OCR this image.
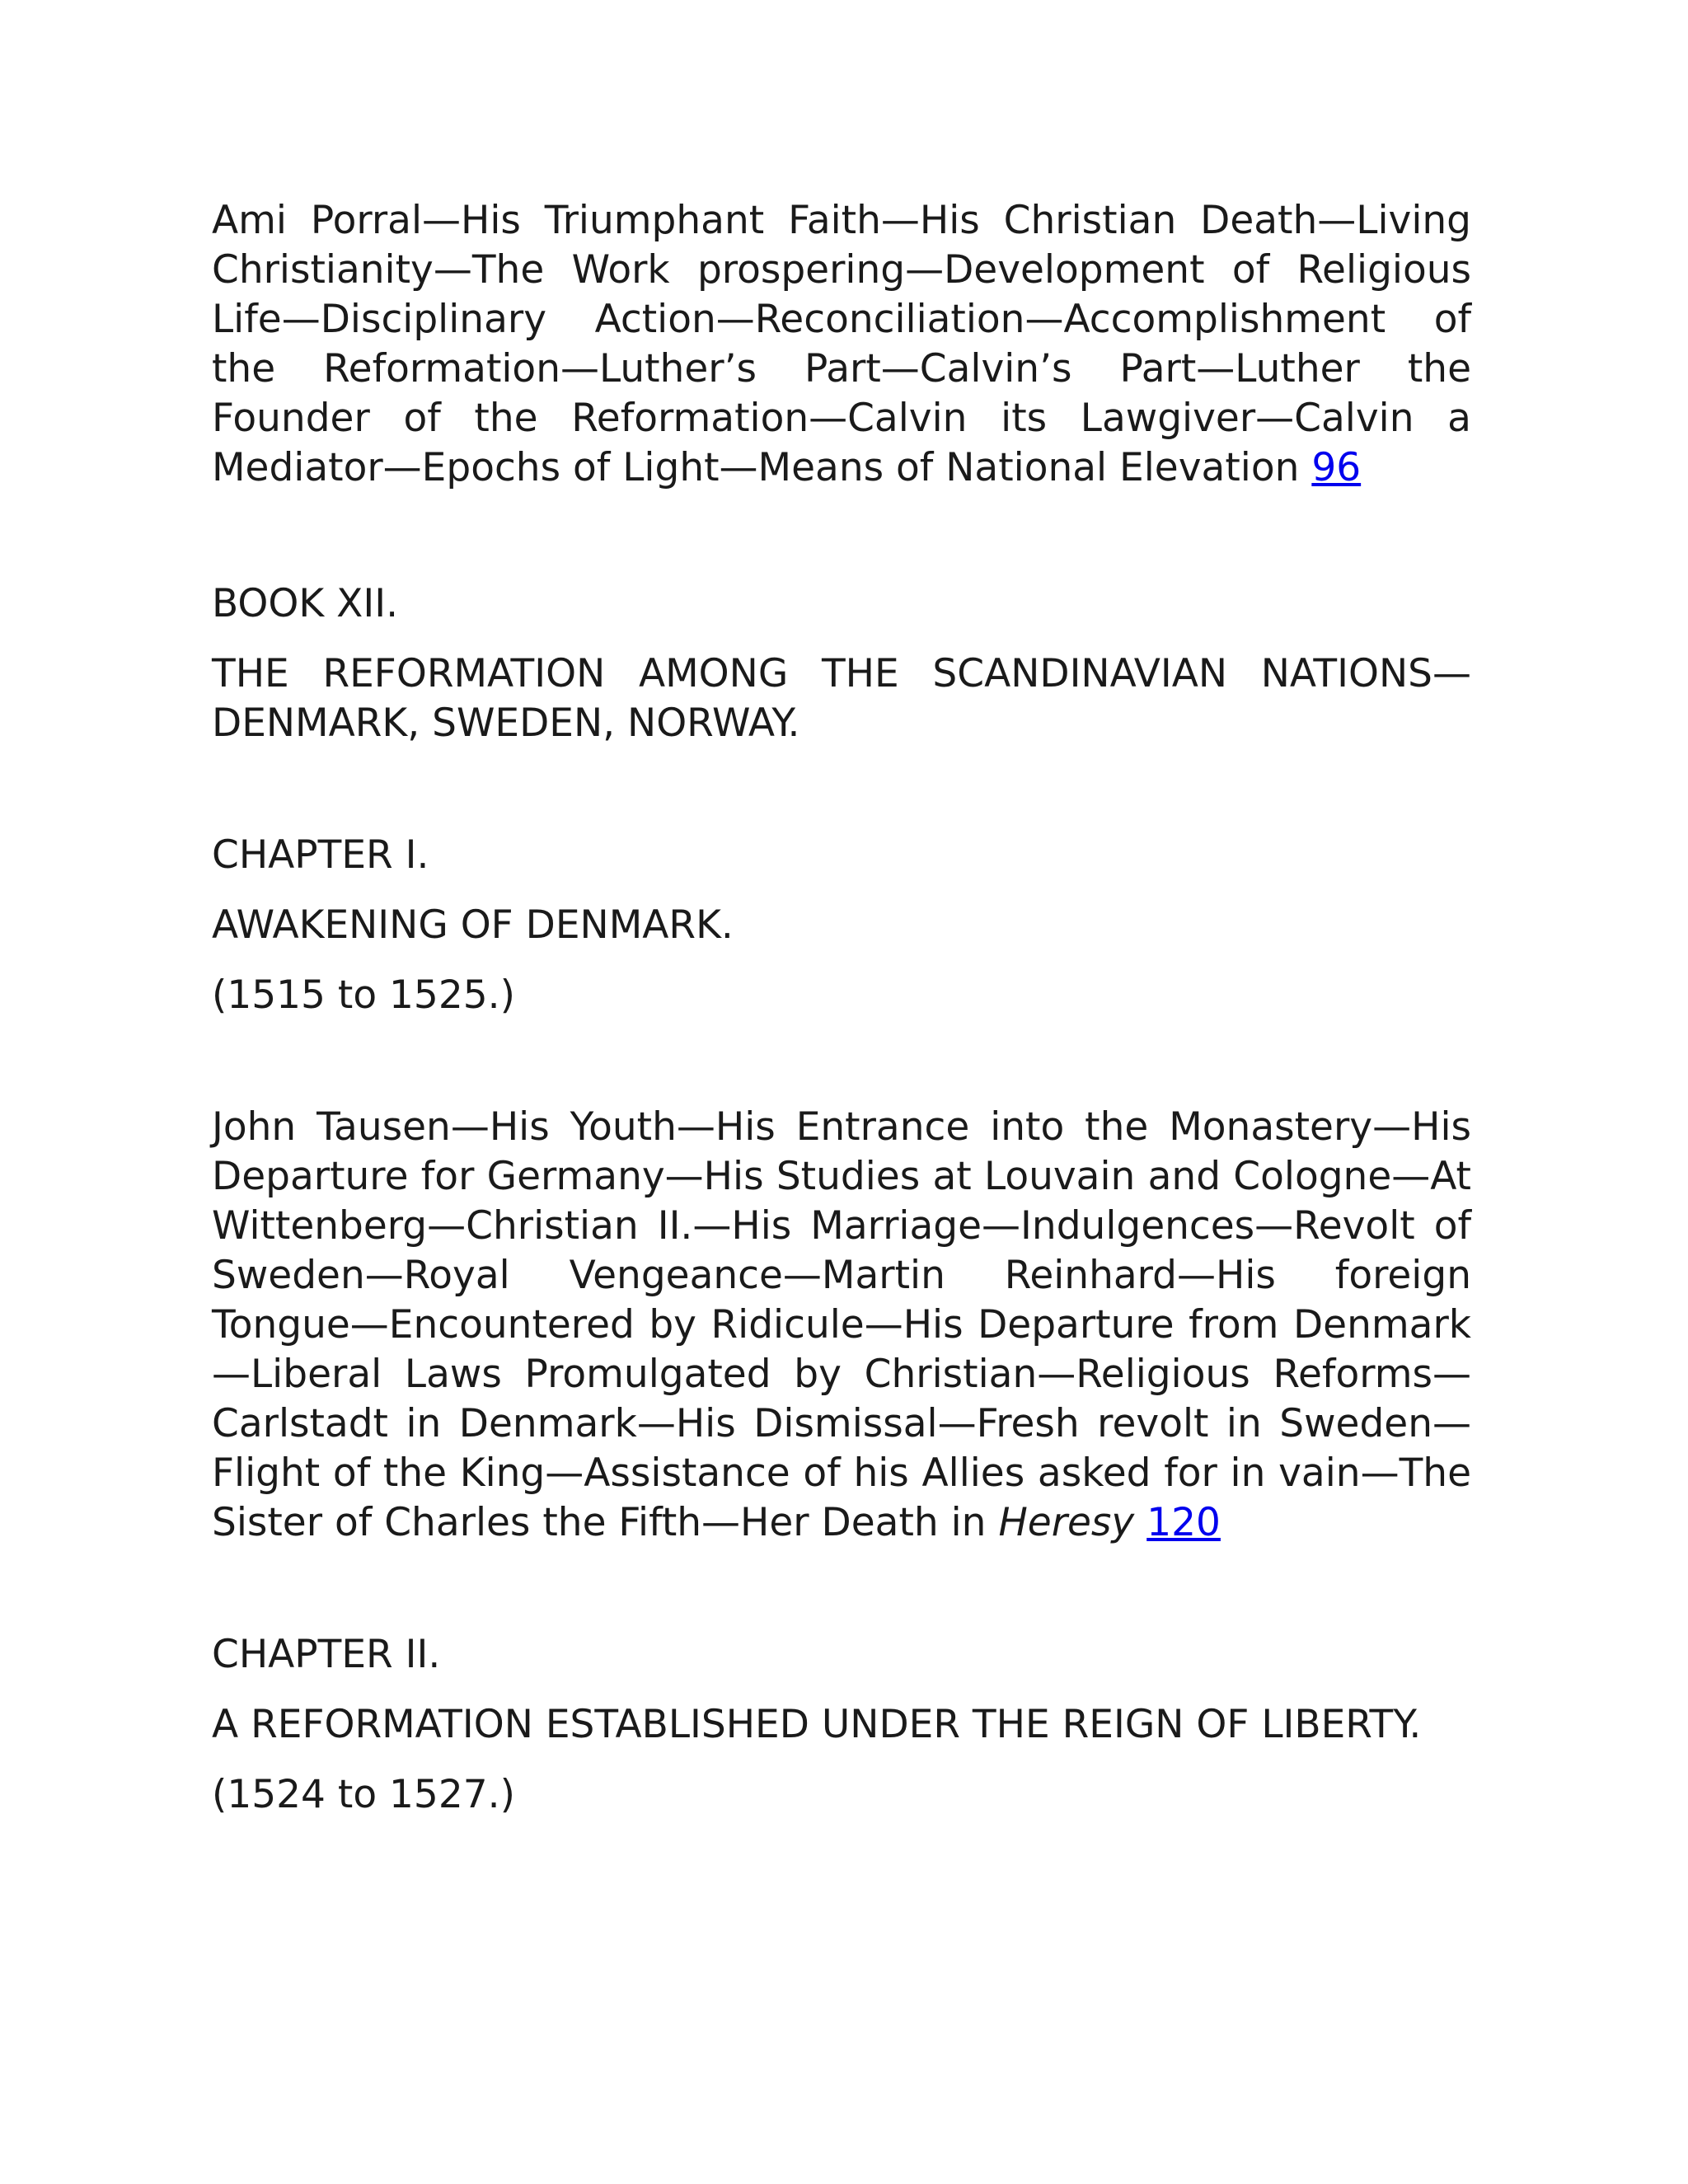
Ami Porral—His Triumphant Faith—His Christian Death—Living Christianity—The Work prospering—Development of Religious Life—Disciplinary Action—Reconciliation—Accomplishment of the Reformation—Luther’s Part—Calvin’s Part—Luther the Founder of the Reformation—Calvin its Lawgiver—Calvin a Mediator—Epochs of Light—Means of National Elevation 96

BOOK XII.

THE REFORMATION AMONG THE SCANDINAVIAN NATIONS—DENMARK, SWEDEN, NORWAY.

CHAPTER I.

AWAKENING OF DENMARK.

(1515 to 1525.)

John Tausen—His Youth—His Entrance into the Monastery—His Departure for Germany—His Studies at Louvain and Cologne—At Wittenberg—Christian II.—His Marriage—Indulgences—Revolt of Sweden—Royal Vengeance—Martin Reinhard—His foreign Tongue—Encountered by Ridicule—His Departure from Denmark—Liberal Laws Promulgated by Christian—Religious Reforms—Carlstadt in Denmark—His Dismissal—Fresh revolt in Sweden—Flight of the King—Assistance of his Allies asked for in vain—The Sister of Charles the Fifth—Her Death in Heresy 120

CHAPTER II.

A REFORMATION ESTABLISHED UNDER THE REIGN OF LIBERTY.

(1524 to 1527.)
